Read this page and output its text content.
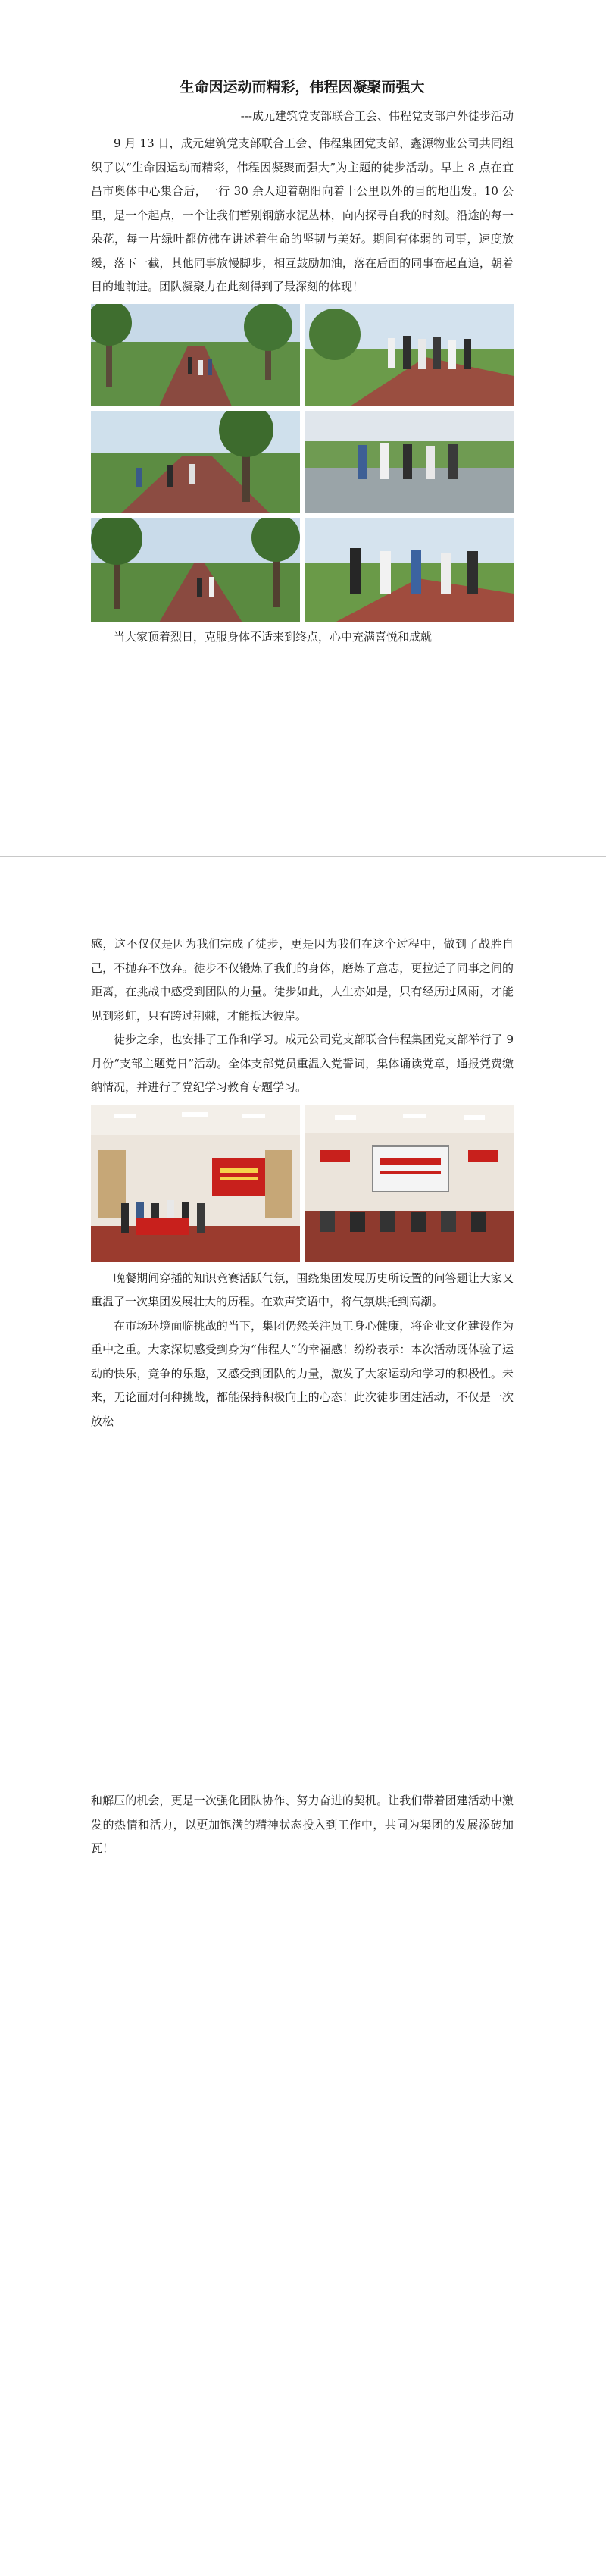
生命因运动而精彩，伟程因凝聚而强大
---成元建筑党支部联合工会、伟程党支部户外徒步活动

9 月 13 日，成元建筑党支部联合工会、伟程集团党支部、鑫源物业公司共同组织了以“生命因运动而精彩，伟程因凝聚而强大”为主题的徒步活动。早上 8 点在宜昌市奥体中心集合后，一行 30 余人迎着朝阳向着十公里以外的目的地出发。10 公里，是一个起点，一个让我们暂别钢筋水泥丛林，向内探寻自我的时刻。沿途的每一朵花，每一片绿叶都仿佛在讲述着生命的坚韧与美好。期间有体弱的同事，速度放缓，落下一截，其他同事放慢脚步，相互鼓励加油，落在后面的同事奋起直追，朝着目的地前进。团队凝聚力在此刻得到了最深刻的体现！

当大家顶着烈日，克服身体不适来到终点，心中充满喜悦和成就

感，这不仅仅是因为我们完成了徒步，更是因为我们在这个过程中，做到了战胜自己，不抛弃不放弃。徒步不仅锻炼了我们的身体，磨炼了意志，更拉近了同事之间的距离，在挑战中感受到团队的力量。徒步如此，人生亦如是，只有经历过风雨，才能见到彩虹，只有跨过荆棘，才能抵达彼岸。

徒步之余，也安排了工作和学习。成元公司党支部联合伟程集团党支部举行了 9 月份“支部主题党日”活动。全体支部党员重温入党誓词，集体诵读党章，通报党费缴纳情况，并进行了党纪学习教育专题学习。

晚餐期间穿插的知识竞赛活跃气氛，围绕集团发展历史所设置的问答题让大家又重温了一次集团发展壮大的历程。在欢声笑语中，将气氛烘托到高潮。

在市场环境面临挑战的当下，集团仍然关注员工身心健康，将企业文化建设作为重中之重。大家深切感受到身为“伟程人”的幸福感！纷纷表示：本次活动既体验了运动的快乐，竞争的乐趣，又感受到团队的力量，激发了大家运动和学习的积极性。未来，无论面对何种挑战，都能保持积极向上的心态！此次徒步团建活动，不仅是一次放松

和解压的机会，更是一次强化团队协作、努力奋进的契机。让我们带着团建活动中激发的热情和活力，以更加饱满的精神状态投入到工作中，共同为集团的发展添砖加瓦！
